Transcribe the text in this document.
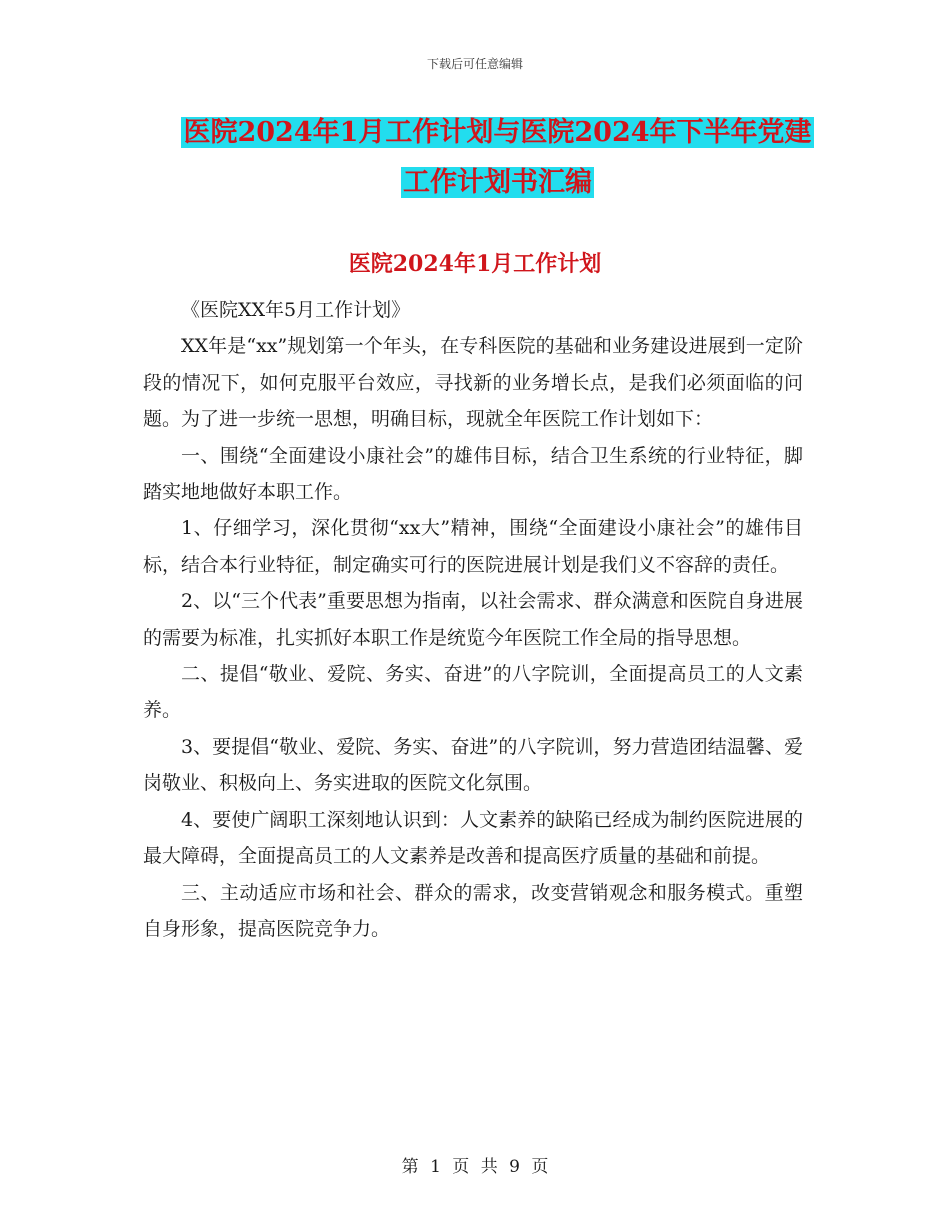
下载后可任意编辑
医院2024年1月工作计划与医院2024年下半年党建
工作计划书汇编
医院2024年1月工作计划

《医院XX年5月工作计划》

XX年是“xx”规划第一个年头，在专科医院的基础和业务建设进展到一定阶段的情况下，如何克服平台效应，寻找新的业务增长点，是我们必须面临的问题。为了进一步统一思想，明确目标，现就全年医院工作计划如下：

一、围绕“全面建设小康社会”的雄伟目标，结合卫生系统的行业特征，脚踏实地地做好本职工作。

1、仔细学习，深化贯彻“xx大”精神，围绕“全面建设小康社会”的雄伟目标，结合本行业特征，制定确实可行的医院进展计划是我们义不容辞的责任。

2、以“三个代表”重要思想为指南，以社会需求、群众满意和医院自身进展的需要为标准，扎实抓好本职工作是统览今年医院工作全局的指导思想。

二、提倡“敬业、爱院、务实、奋进”的八字院训，全面提高员工的人文素养。

3、要提倡“敬业、爱院、务实、奋进”的八字院训，努力营造团结温馨、爱岗敬业、积极向上、务实进取的医院文化氛围。

4、要使广阔职工深刻地认识到：人文素养的缺陷已经成为制约医院进展的最大障碍，全面提高员工的人文素养是改善和提高医疗质量的基础和前提。

三、主动适应市场和社会、群众的需求，改变营销观念和服务模式。重塑自身形象，提高医院竞争力。

第 1 页 共 9 页
